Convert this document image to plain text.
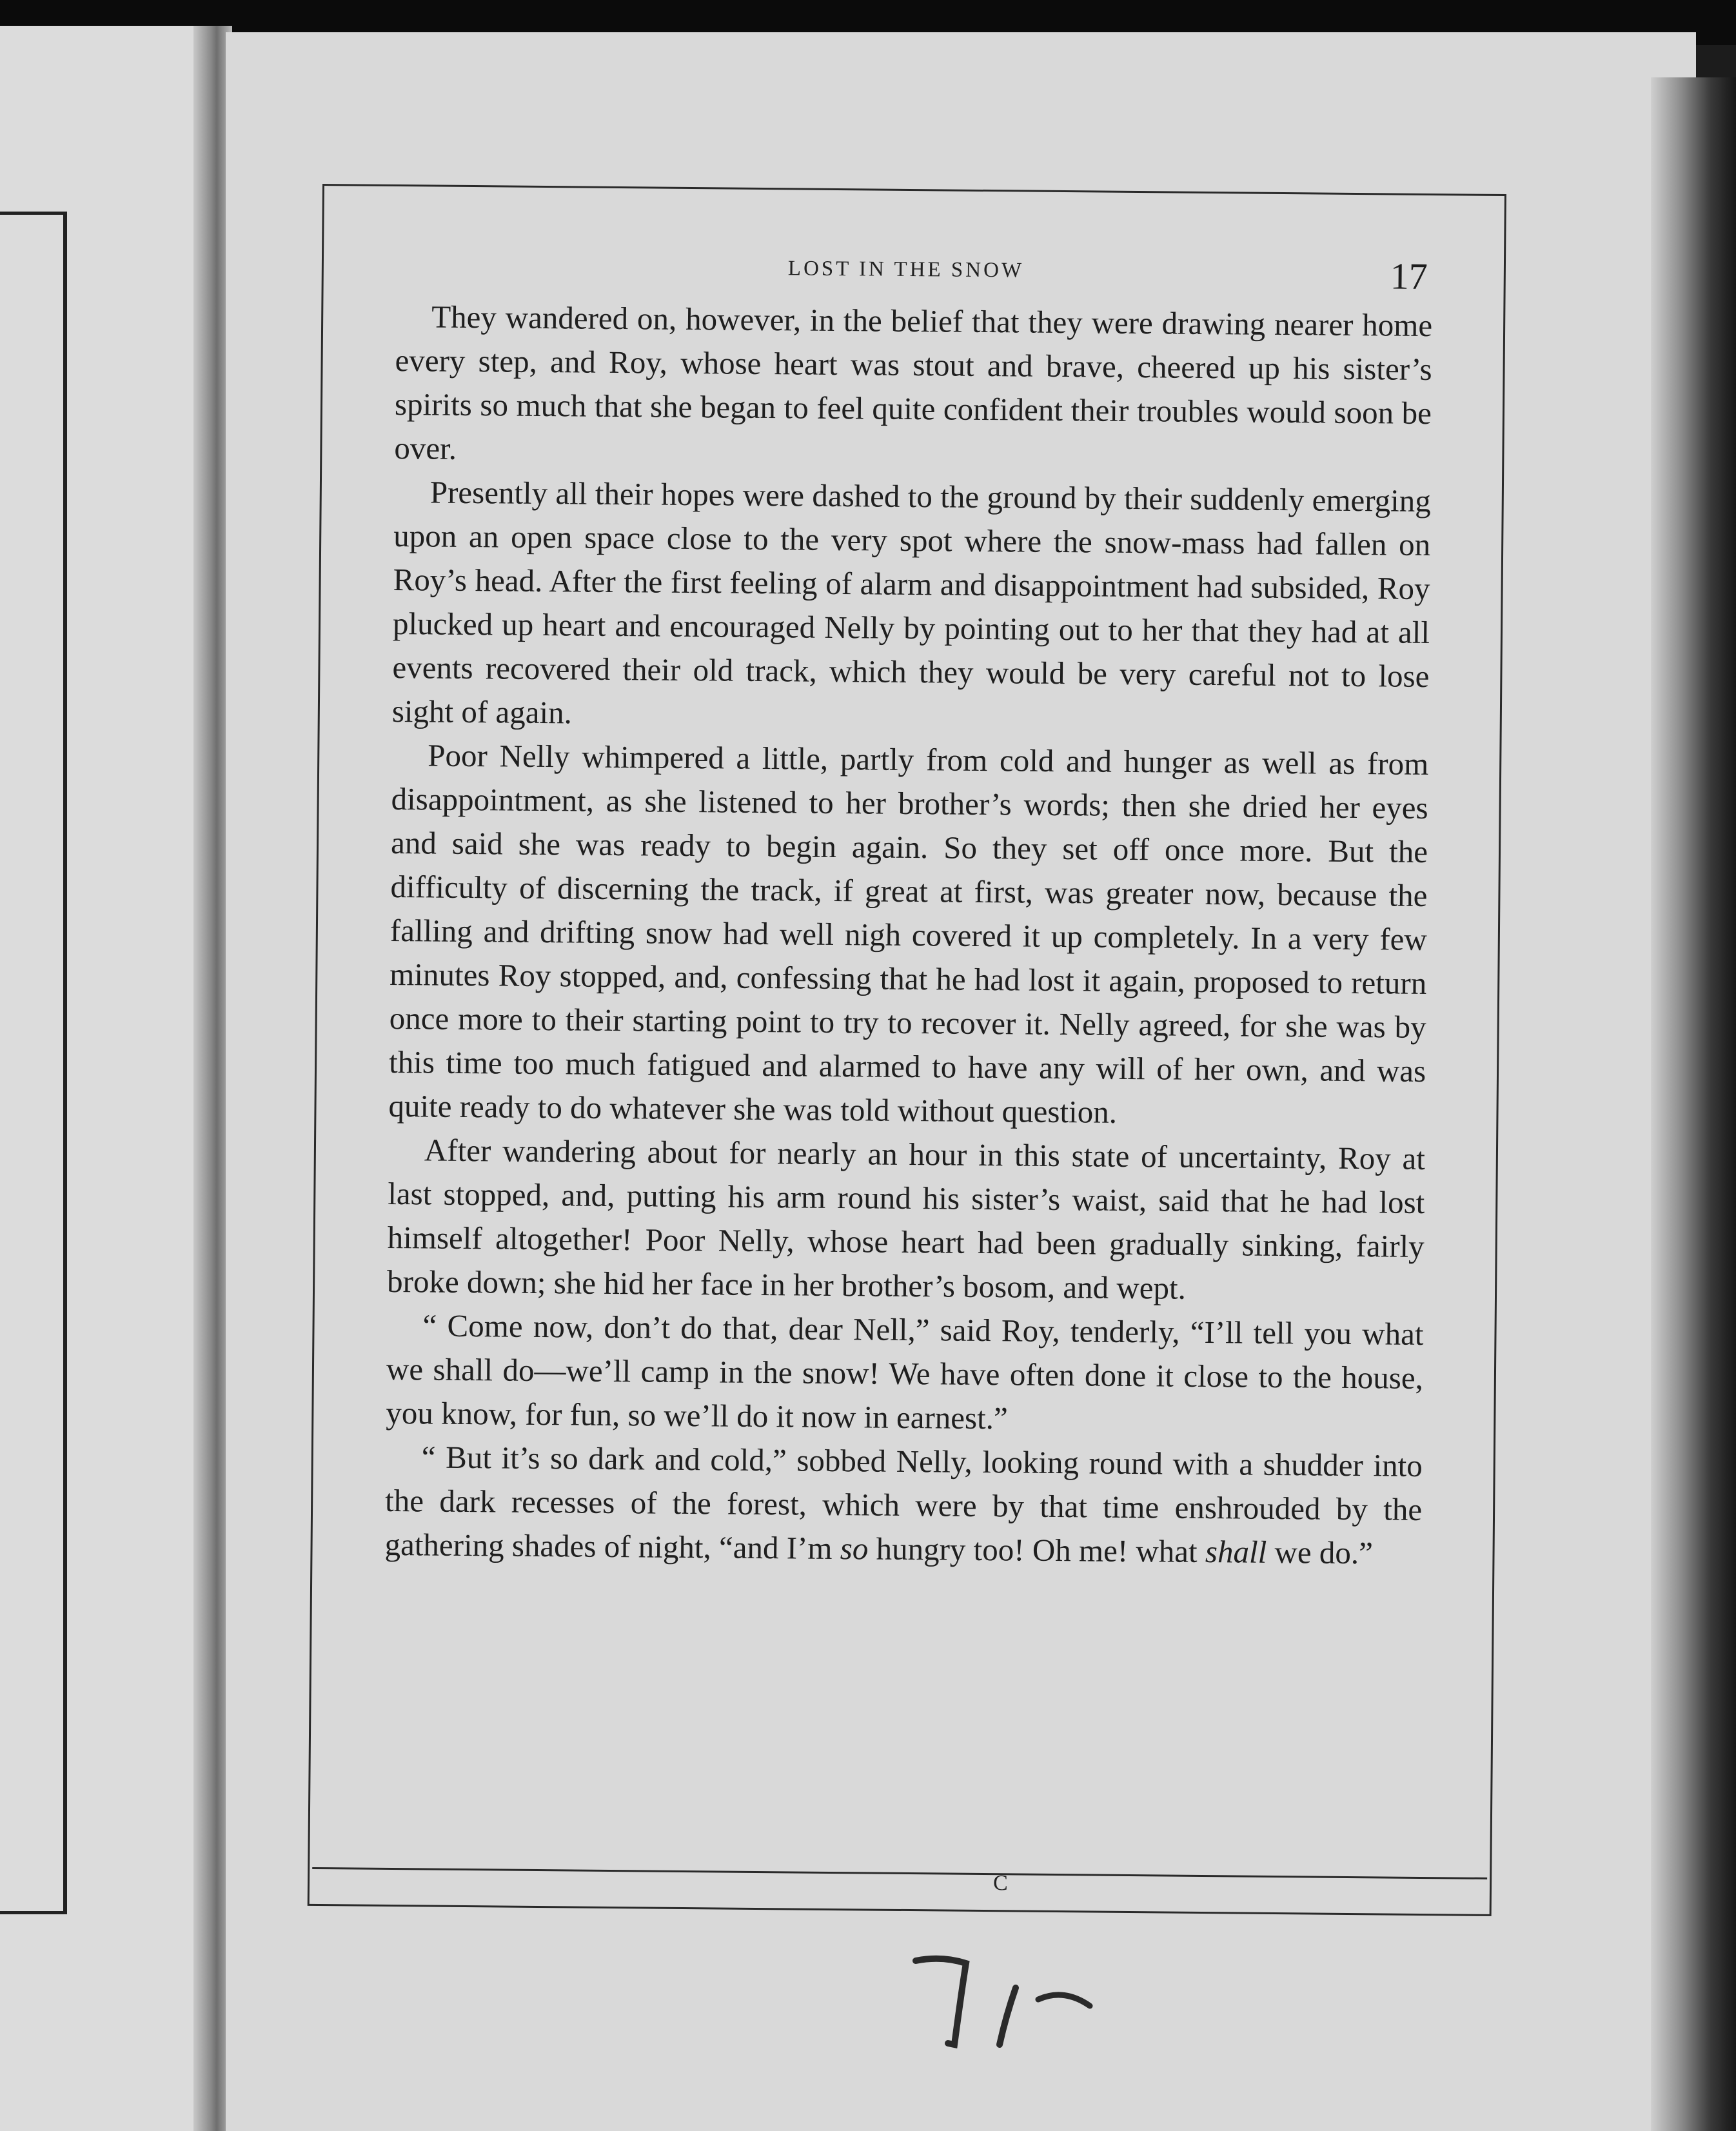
LOST IN THE SNOW	17

They wandered on, however, in the belief that they were drawing nearer home every step, and Roy, whose heart was stout and brave, cheered up his sister’s spirits so much that she began to feel quite confident their troubles would soon be over.

Presently all their hopes were dashed to the ground by their suddenly emerging upon an open space close to the very spot where the snow-mass had fallen on Roy’s head. After the first feeling of alarm and disappointment had subsided, Roy plucked up heart and encouraged Nelly by pointing out to her that they had at all events recovered their old track, which they would be very careful not to lose sight of again.

Poor Nelly whimpered a little, partly from cold and hunger as well as from disappointment, as she listened to her brother’s words; then she dried her eyes and said she was ready to begin again. So they set off once more. But the difficulty of discerning the track, if great at first, was greater now, because the falling and drifting snow had well nigh covered it up completely. In a very few minutes Roy stopped, and, confessing that he had lost it again, proposed to return once more to their starting point to try to recover it. Nelly agreed, for she was by this time too much fatigued and alarmed to have any will of her own, and was quite ready to do whatever she was told without question.

After wandering about for nearly an hour in this state of uncertainty, Roy at last stopped, and, putting his arm round his sister’s waist, said that he had lost himself altogether! Poor Nelly, whose heart had been gradually sinking, fairly broke down; she hid her face in her brother’s bosom, and wept.

“ Come now, don’t do that, dear Nell,” said Roy, tenderly, “I’ll tell you what we shall do—we’ll camp in the snow! We have often done it close to the house, you know, for fun, so we’ll do it now in earnest.”

“ But it’s so dark and cold,” sobbed Nelly, looking round with a shudder into the dark recesses of the forest, which were by that time enshrouded by the gathering shades of night, “and I’m so hungry too! Oh me! what shall we do.”

C
